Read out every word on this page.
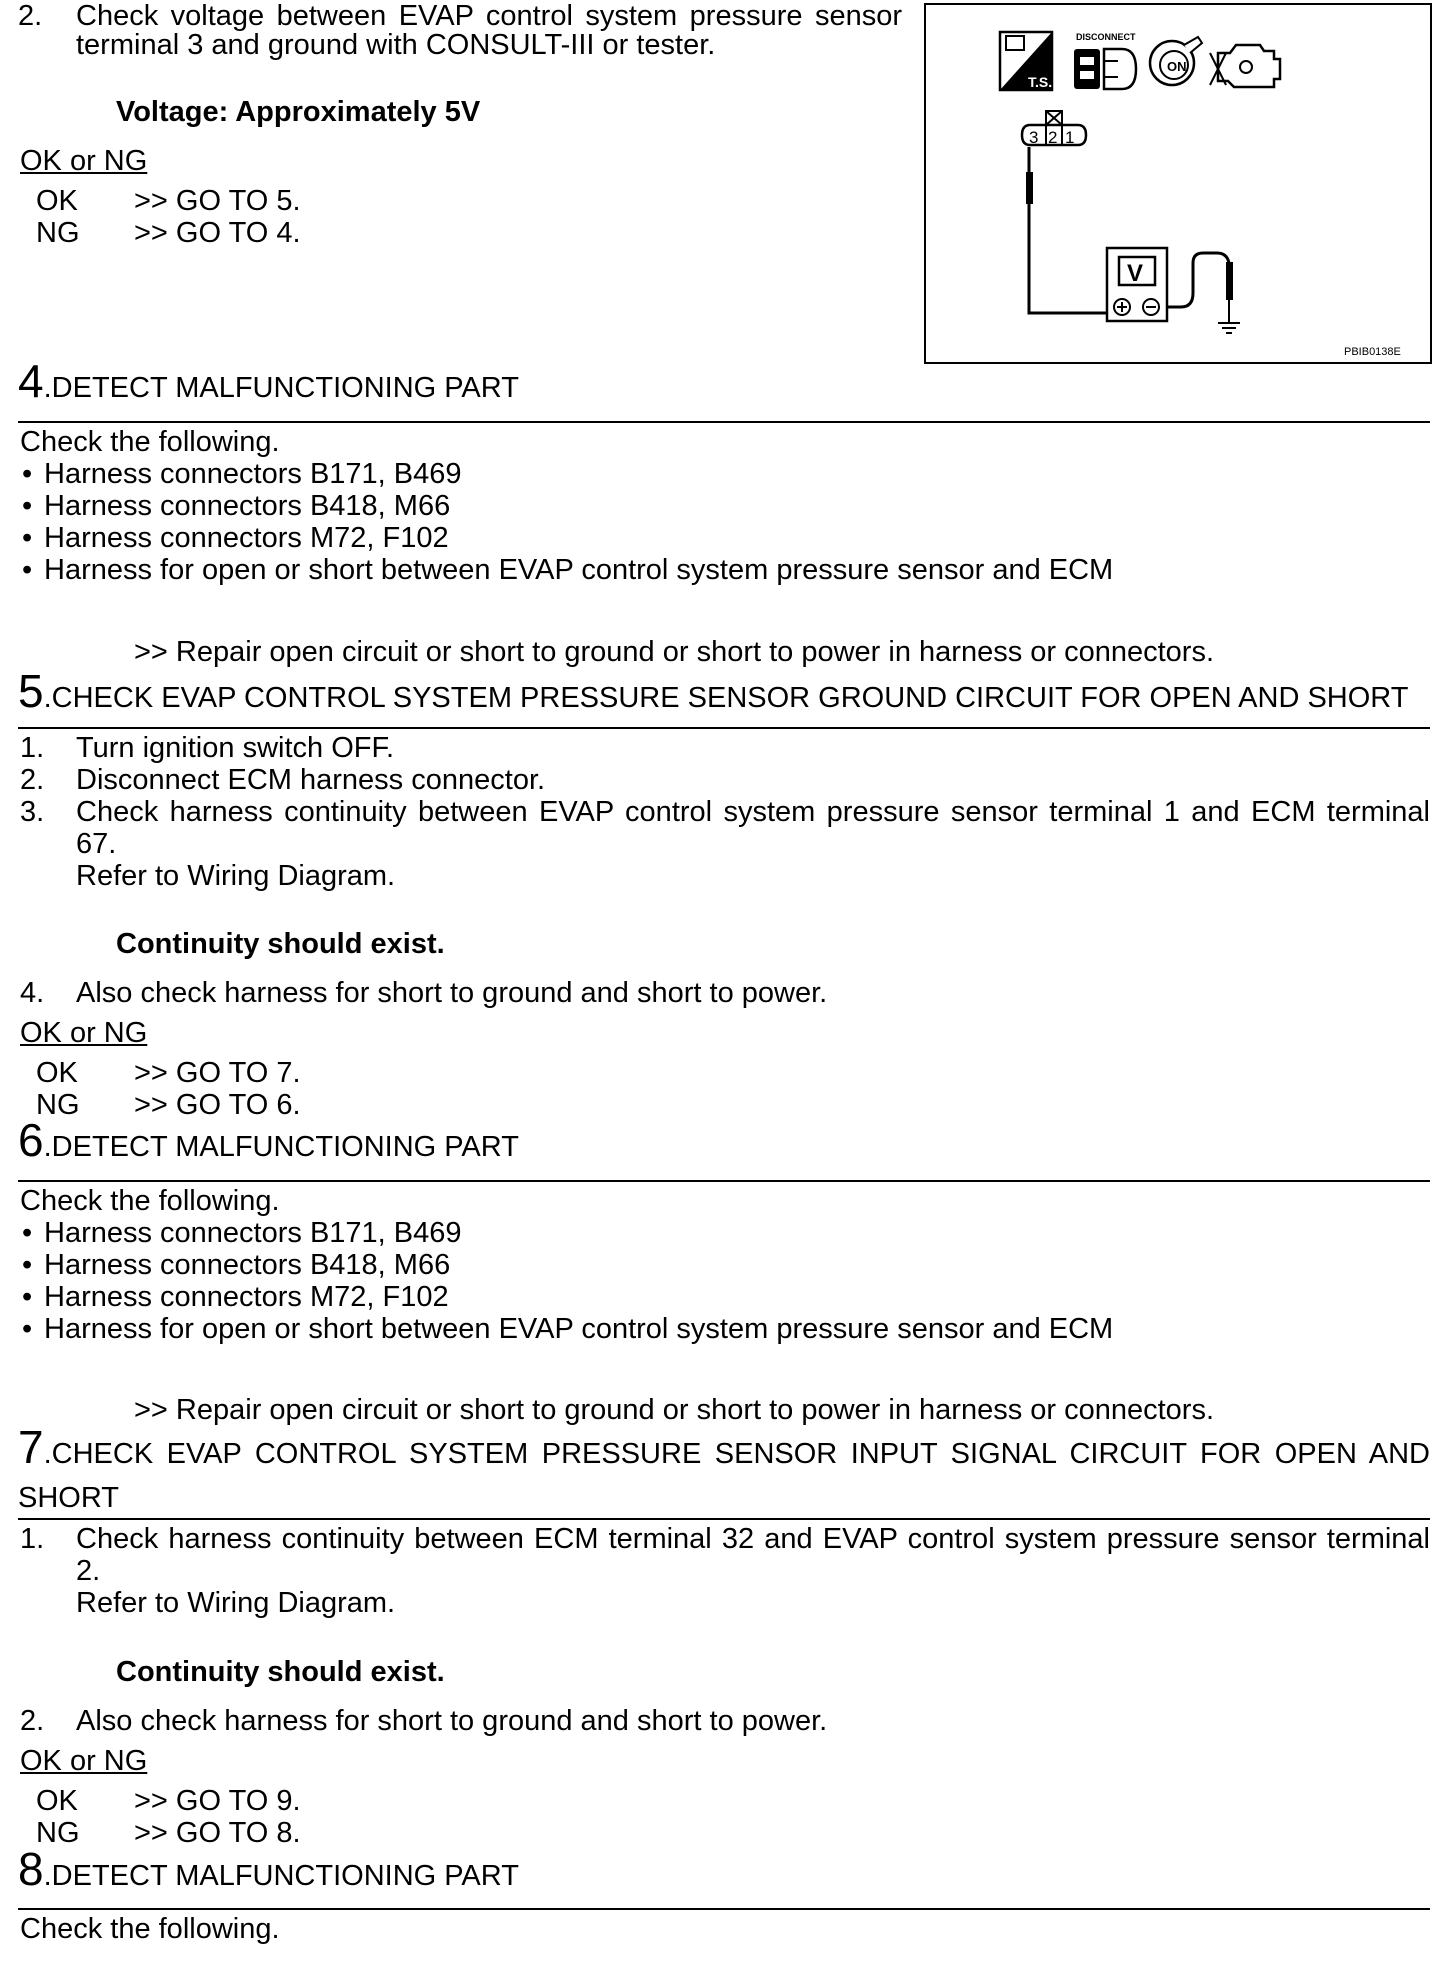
2. Check voltage between EVAP control system pressure sensor
terminal 3 and ground with CONSULT-III or tester.
Voltage: Approximately 5V
OK or NG
OK >> GO TO 5.
NG >> GO TO 4.
T.S.
DISCONNECT
ON
3 2 1
V
PBIB0138E
4.DETECT MALFUNCTIONING PART
Check the following.
• Harness connectors B171, B469
• Harness connectors B418, M66
• Harness connectors M72, F102
• Harness for open or short between EVAP control system pressure sensor and ECM
>> Repair open circuit or short to ground or short to power in harness or connectors.
5.CHECK EVAP CONTROL SYSTEM PRESSURE SENSOR GROUND CIRCUIT FOR OPEN AND SHORT
1. Turn ignition switch OFF.
2. Disconnect ECM harness connector.
3. Check harness continuity between EVAP control system pressure sensor terminal 1 and ECM terminal
67.
Refer to Wiring Diagram.
Continuity should exist.
4. Also check harness for short to ground and short to power.
OK or NG
OK >> GO TO 7.
NG >> GO TO 6.
6.DETECT MALFUNCTIONING PART
Check the following.
• Harness connectors B171, B469
• Harness connectors B418, M66
• Harness connectors M72, F102
• Harness for open or short between EVAP control system pressure sensor and ECM
>> Repair open circuit or short to ground or short to power in harness or connectors.
7.CHECK EVAP CONTROL SYSTEM PRESSURE SENSOR INPUT SIGNAL CIRCUIT FOR OPEN AND
SHORT
1. Check harness continuity between ECM terminal 32 and EVAP control system pressure sensor terminal
2.
Refer to Wiring Diagram.
Continuity should exist.
2. Also check harness for short to ground and short to power.
OK or NG
OK >> GO TO 9.
NG >> GO TO 8.
8.DETECT MALFUNCTIONING PART
Check the following.
